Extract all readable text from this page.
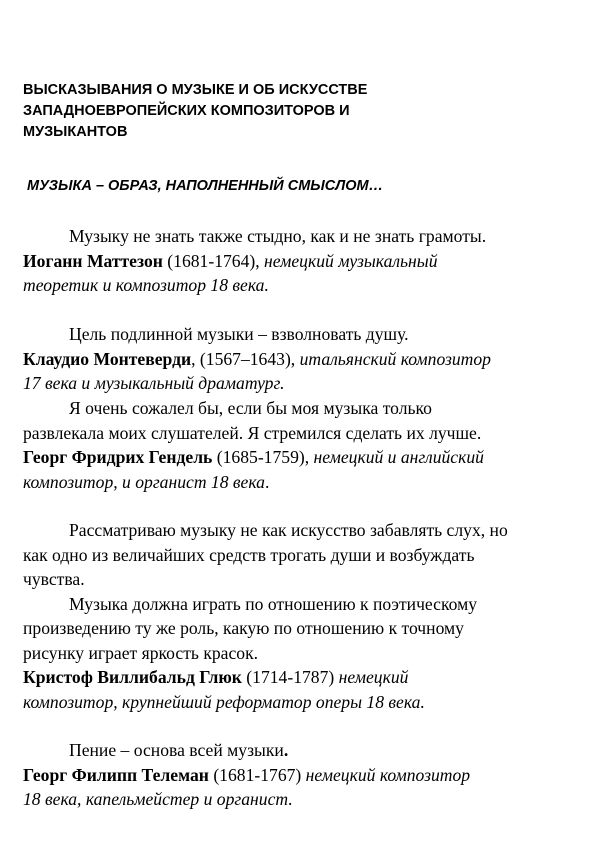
ВЫСКАЗЫВАНИЯ О МУЗЫКЕ И ОБ ИСКУССТВЕ
ЗАПАДНОЕВРОПЕЙСКИХ КОМПОЗИТОРОВ И
МУЗЫКАНТОВ
МУЗЫКА – ОБРАЗ, НАПОЛНЕННЫЙ СМЫСЛОМ…
Музыку не знать также стыдно, как и не знать грамоты.
Иоганн Маттезон (1681-1764), немецкий музыкальный
теоретик и композитор 18 века.
Цель подлинной музыки – взволновать душу.
Клаудио Монтеверди, (1567–1643), итальянский композитор
17 века и музыкальный драматург.
Я очень сожалел бы, если бы моя музыка только
развлекала моих слушателей. Я стремился сделать их лучше.
Георг Фридрих Гендель (1685-1759), немецкий и английский
композитор, и органист 18 века.
Рассматриваю музыку не как искусство забавлять слух, но
как одно из величайших средств трогать души и возбуждать
чувства.
Музыка должна играть по отношению к поэтическому
произведению ту же роль, какую по отношению к точному
рисунку играет яркость красок.
Кристоф Виллибальд Глюк (1714-1787) немецкий
композитор, крупнейший реформатор оперы 18 века.
Пение – основа всей музыки.
Георг Филипп Телеман (1681-1767) немецкий композитор
18 века, капельмейстер и органист.
